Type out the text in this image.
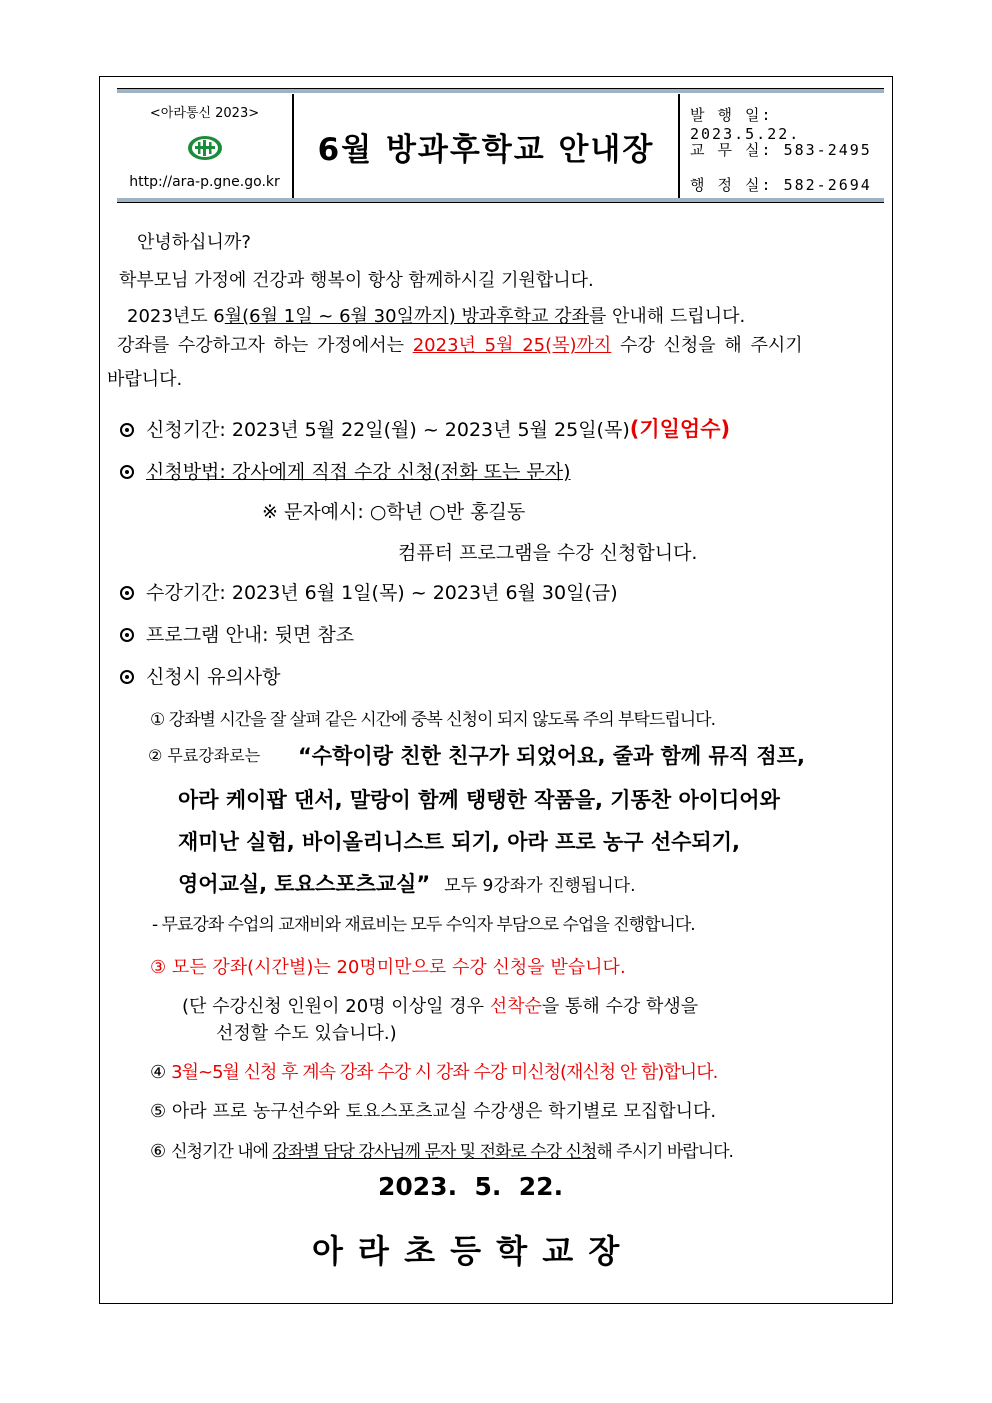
<아라통신 2023>
http://ara-p.gne.go.kr
6월 방과후학교 안내장
발 행 일: 2023.5.22.
교 무 실: 583-2495
행 정 실: 582-2694
안녕하십니까?
학부모님 가정에 건강과 행복이 항상 함께하시길 기원합니다.
2023년도 6월(6월 1일 ~ 6월 30일까지) 방과후학교 강좌를 안내해 드립니다.
강좌를 수강하고자 하는 가정에서는 2023년 5월 25(목)까지 수강 신청을 해 주시기
바랍니다.
신청기간: 2023년 5월 22일(월) ~ 2023년 5월 25일(목)(기일엄수)
신청방법: 강사에게 직접 수강 신청(전화 또는 문자)
※ 문자예시: ○학년 ○반 홍길동
컴퓨터 프로그램을 수강 신청합니다.
수강기간: 2023년 6월 1일(목) ~ 2023년 6월 30일(금)
프로그램 안내: 뒷면 참조
신청시 유의사항
① 강좌별 시간을 잘 살펴 같은 시간에 중복 신청이 되지 않도록 주의 부탁드립니다.
② 무료강좌로는 “수학이랑 친한 친구가 되었어요, 줄과 함께 뮤직 점프,
아라 케이팝 댄서, 말랑이 함께 탱탱한 작품을, 기똥찬 아이디어와
재미난 실험, 바이올리니스트 되기, 아라 프로 농구 선수되기,
영어교실, 토요스포츠교실” 모두 9강좌가 진행됩니다.
- 무료강좌 수업의 교재비와 재료비는 모두 수익자 부담으로 수업을 진행합니다.
③ 모든 강좌(시간별)는 20명미만으로 수강 신청을 받습니다.
(단 수강신청 인원이 20명 이상일 경우 선착순을 통해 수강 학생을
선정할 수도 있습니다.)
④ 3월~5월 신청 후 계속 강좌 수강 시 강좌 수강 미신청(재신청 안 함)합니다.
⑤ 아라 프로 농구선수와 토요스포츠교실 수강생은 학기별로 모집합니다.
⑥ 신청기간 내에 강좌별 담당 강사님께 문자 및 전화로 수강 신청해 주시기 바랍니다.
2023.  5.  22.
아 라 초 등 학 교 장
